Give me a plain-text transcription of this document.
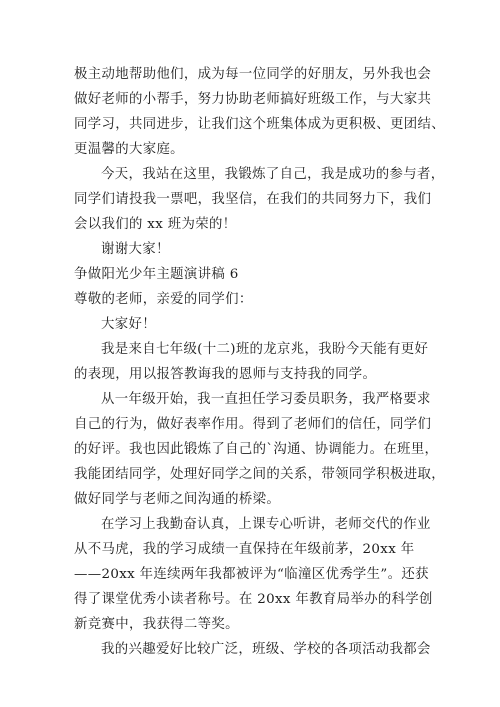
极主动地帮助他们，成为每一位同学的好朋友，另外我也会
做好老师的小帮手，努力协助老师搞好班级工作，与大家共
同学习，共同进步，让我们这个班集体成为更积极、更团结、
更温馨的大家庭。
今天，我站在这里，我锻炼了自己，我是成功的参与者，
同学们请投我一票吧，我坚信，在我们的共同努力下，我们
会以我们的 xx 班为荣的！
谢谢大家！
争做阳光少年主题演讲稿 6
尊敬的老师，亲爱的同学们：
大家好！
我是来自七年级(十二)班的龙京兆，我盼今天能有更好
的表现，用以报答教诲我的恩师与支持我的同学。
从一年级开始，我一直担任学习委员职务，我严格要求
自己的行为，做好表率作用。得到了老师们的信任，同学们
的好评。我也因此锻炼了自己的`沟通、协调能力。在班里，
我能团结同学，处理好同学之间的关系，带领同学积极进取，
做好同学与老师之间沟通的桥梁。
在学习上我勤奋认真，上课专心听讲，老师交代的作业
从不马虎，我的学习成绩一直保持在年级前茅，20xx 年
——20xx 年连续两年我都被评为“临潼区优秀学生”。还获
得了课堂优秀小读者称号。在 20xx 年教育局举办的科学创
新竞赛中，我获得二等奖。
我的兴趣爱好比较广泛，班级、学校的各项活动我都会
